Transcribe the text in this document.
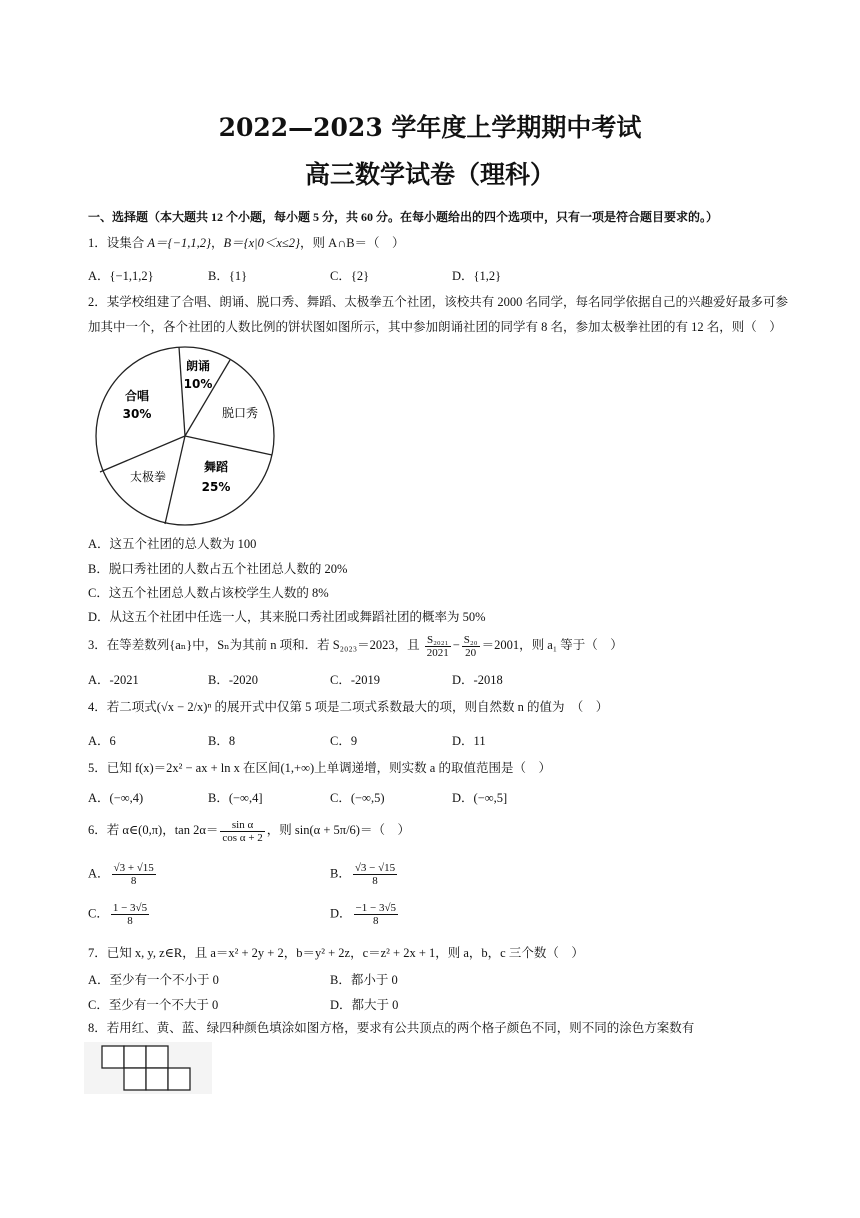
2022—2023 学年度上学期期中考试
高三数学试卷（理科）
一、选择题（本大题共 12 个小题，每小题 5 分，共 60 分。在每小题给出的四个选项中，只有一项是符合题目要求的。）
1．设集合 A＝{−1,1,2}，B＝{x|0＜x≤2}，则 A∩B＝（　）
A．{−1,1,2}	B．{1}	C．{2}	D．{1,2}
2．某学校组建了合唱、朗诵、脱口秀、舞蹈、太极拳五个社团，该校共有 2000 名同学，每名同学依据自己的兴趣爱好最多可参
加其中一个，各个社团的人数比例的饼状图如图所示，其中参加朗诵社团的同学有 8 名，参加太极拳社团的有 12 名，则（　）
合唱
30%
朗诵
10%
脱口秀
舞蹈
25%
太极拳
A．这五个社团的总人数为 100
B．脱口秀社团的人数占五个社团总人数的 20%
C．这五个社团总人数占该校学生人数的 8%
D．从这五个社团中任选一人，其来脱口秀社团或舞蹈社团的概率为 50%
3．在等差数列{aₙ}中，Sₙ为其前 n 项和．若 S₂₀₂₃＝2023，且 $\frac{\text{S₂₀₂₁}}{2021} - \frac{\text{S₂₀}}{20} =2001$，则 a₁ 等于（　）
A．-2021	B．-2020	C．-2019	D．-2018
4．若二项式(√x − 2/x)ⁿ 的展开式中仅第 5 项是二项式系数最大的项，则自然数 n 的值为　（　）
A．6	B．8	C．9	D．11
5．已知 f(x)＝2x² − ax + ln x 在区间(1,+∞)上单调递增，则实数 a 的取值范围是（　）
A．(−∞,4)	B．(−∞,4]	C．(−∞,5)	D．(−∞,5]
6．若 α∈(0,π)，$\tan 2\alpha= \frac{\text{sin α}}{\text{cos α + 2}}$ ，则 sin(α + 5π/6)＝（　）
A． $\frac{√3 + √15}{8}$	B． $\frac{√3 - √15}{8}$
C． $\frac{1 - 3√5}{8}$	D． $\frac{-1 - 3√5}{8}$
7．已知 x, y, z∈R，且 a＝x² + 2y + 2，b＝y² + 2z，c＝z² + 2x + 1，则 a，b，c 三个数（　）
A．至少有一个不小于 0	B．都小于 0
C．至少有一个不大于 0	D．都大于 0
8．若用红、黄、蓝、绿四种颜色填涂如图方格，要求有公共顶点的两个格子颜色不同，则不同的涂色方案数有
